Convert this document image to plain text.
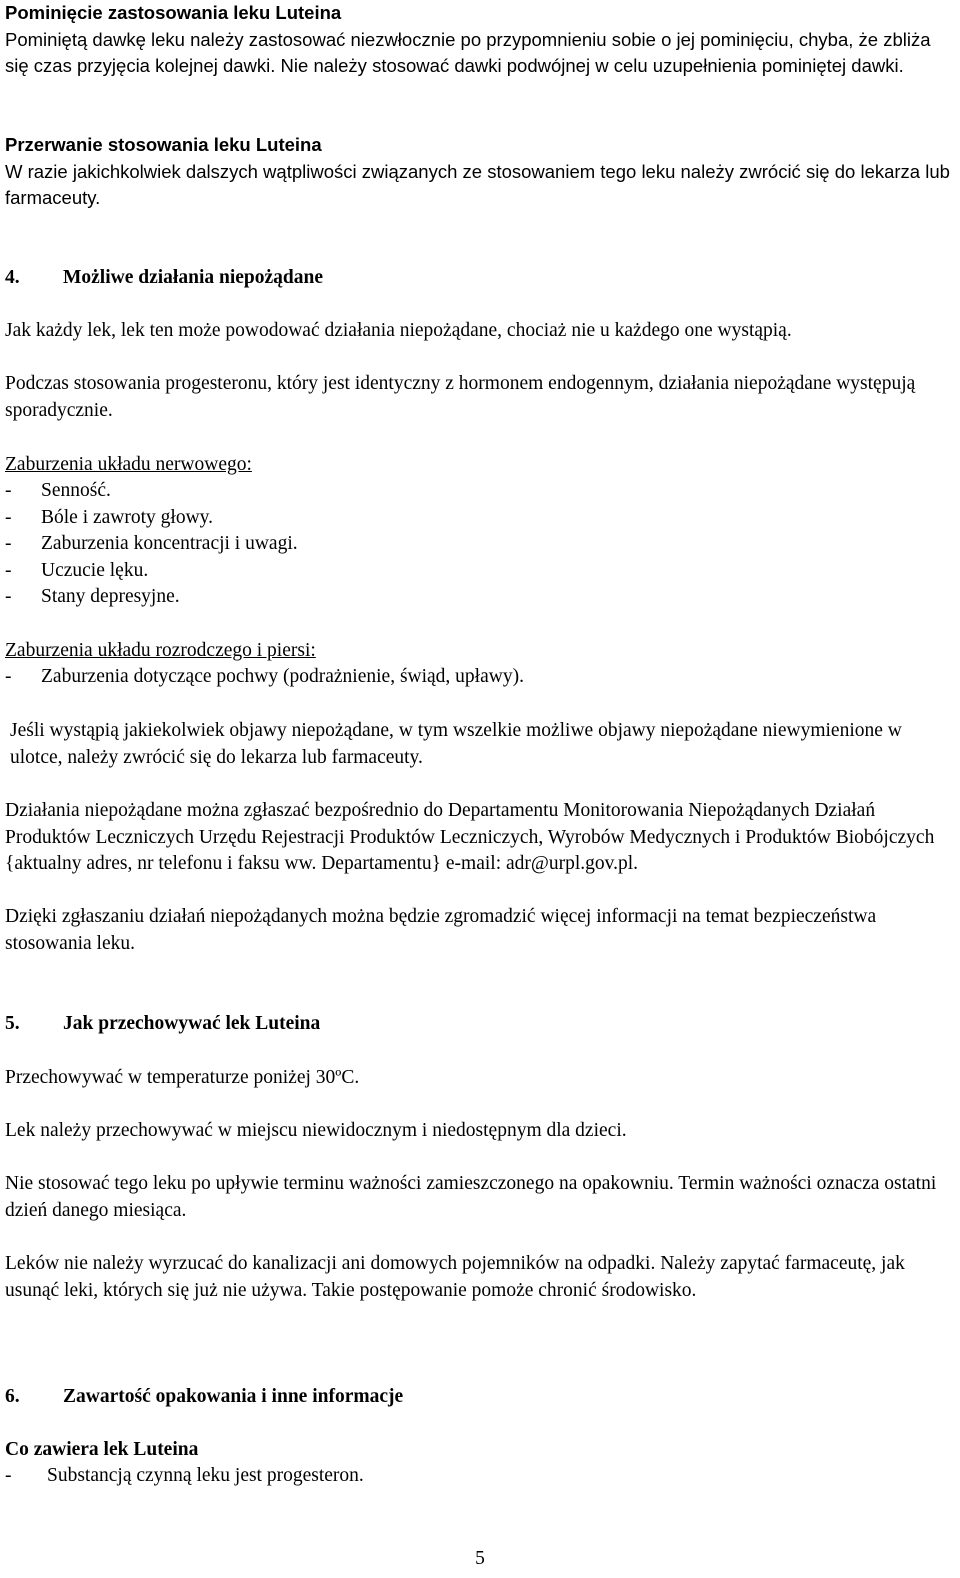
Pominięcie zastosowania leku Luteina

Pominiętą dawkę leku należy zastosować niezwłocznie po przypomnieniu sobie o jej pominięciu, chyba, że zbliża się czas przyjęcia kolejnej dawki. Nie należy stosować dawki podwójnej w celu uzupełnienia pominiętej dawki.

Przerwanie stosowania leku Luteina

W razie jakichkolwiek dalszych wątpliwości związanych ze stosowaniem tego leku należy zwrócić się do lekarza lub farmaceuty.

4.	Możliwe działania niepożądane

Jak każdy lek, lek ten może powodować działania niepożądane, chociaż nie u każdego one wystąpią.

Podczas stosowania progesteronu, który jest identyczny z hormonem endogennym, działania niepożądane występują sporadycznie.

Zaburzenia układu nerwowego:

-	Senność.
-	Bóle i zawroty głowy.
-	Zaburzenia koncentracji i uwagi.
-	Uczucie lęku.
-	Stany depresyjne.

Zaburzenia układu rozrodczego i piersi:

-	Zaburzenia dotyczące pochwy (podrażnienie, świąd, upławy).

Jeśli wystąpią jakiekolwiek objawy niepożądane, w tym wszelkie możliwe objawy niepożądane niewymienione w ulotce, należy zwrócić się do lekarza lub farmaceuty.

Działania niepożądane można zgłaszać bezpośrednio do Departamentu Monitorowania Niepożądanych Działań Produktów Leczniczych Urzędu Rejestracji Produktów Leczniczych, Wyrobów Medycznych i Produktów Biobójczych {aktualny adres, nr telefonu i faksu ww. Departamentu} e-mail: adr@urpl.gov.pl.

Dzięki zgłaszaniu działań niepożądanych można będzie zgromadzić więcej informacji na temat bezpieczeństwa stosowania leku.

5.	Jak przechowywać lek Luteina

Przechowywać w temperaturze poniżej 30ºC.

Lek należy przechowywać w miejscu niewidocznym i niedostępnym dla dzieci.

Nie stosować tego leku po upływie terminu ważności zamieszczonego na opakowniu. Termin ważności oznacza ostatni dzień danego miesiąca.

Leków nie należy wyrzucać do kanalizacji ani domowych pojemników na odpadki. Należy zapytać farmaceutę, jak usunąć leki, których się już nie używa. Takie postępowanie pomoże chronić środowisko.

6.	Zawartość opakowania i inne informacje

Co zawiera lek Luteina

-	Substancją czynną leku jest progesteron.
5
